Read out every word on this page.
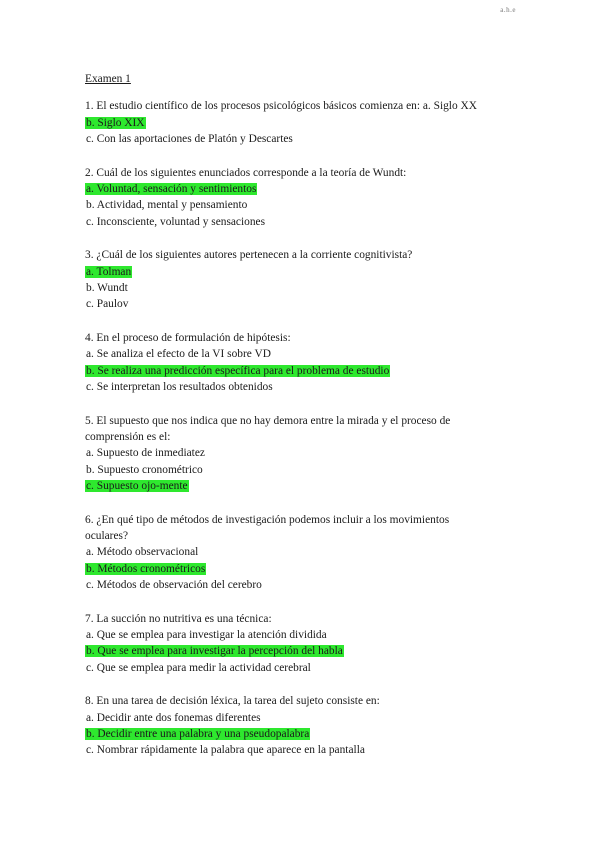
a.h.e
Examen 1
1. El estudio científico de los procesos psicológicos básicos comienza en: a. Siglo XX
b. Siglo XIX
c. Con las aportaciones de Platón y Descartes
2. Cuál de los siguientes enunciados corresponde a la teoría de Wundt:
a. Voluntad, sensación y sentimientos
b. Actividad, mental y pensamiento
c. Inconsciente, voluntad y sensaciones
3. ¿Cuál de los siguientes autores pertenecen a la corriente cognitivista?
a. Tolman
b. Wundt
c. Paulov
4. En el proceso de formulación de hipótesis:
a. Se analiza el efecto de la VI sobre VD
b. Se realiza una predicción específica para el problema de estudio
c. Se interpretan los resultados obtenidos
5. El supuesto que nos indica que no hay demora entre la mirada y el proceso de comprensión es el:
a. Supuesto de inmediatez
b. Supuesto cronométrico
c. Supuesto ojo-mente
6. ¿En qué tipo de métodos de investigación podemos incluir a los movimientos oculares?
a. Método observacional
b. Métodos cronométricos
c. Métodos de observación del cerebro
7. La succión no nutritiva es una técnica:
a. Que se emplea para investigar la atención dividida
b. Que se emplea para investigar la percepción del habla
c. Que se emplea para medir la actividad cerebral
8. En una tarea de decisión léxica, la tarea del sujeto consiste en:
a. Decidir ante dos fonemas diferentes
b. Decidir entre una palabra y una pseudopalabra
c. Nombrar rápidamente la palabra que aparece en la pantalla
